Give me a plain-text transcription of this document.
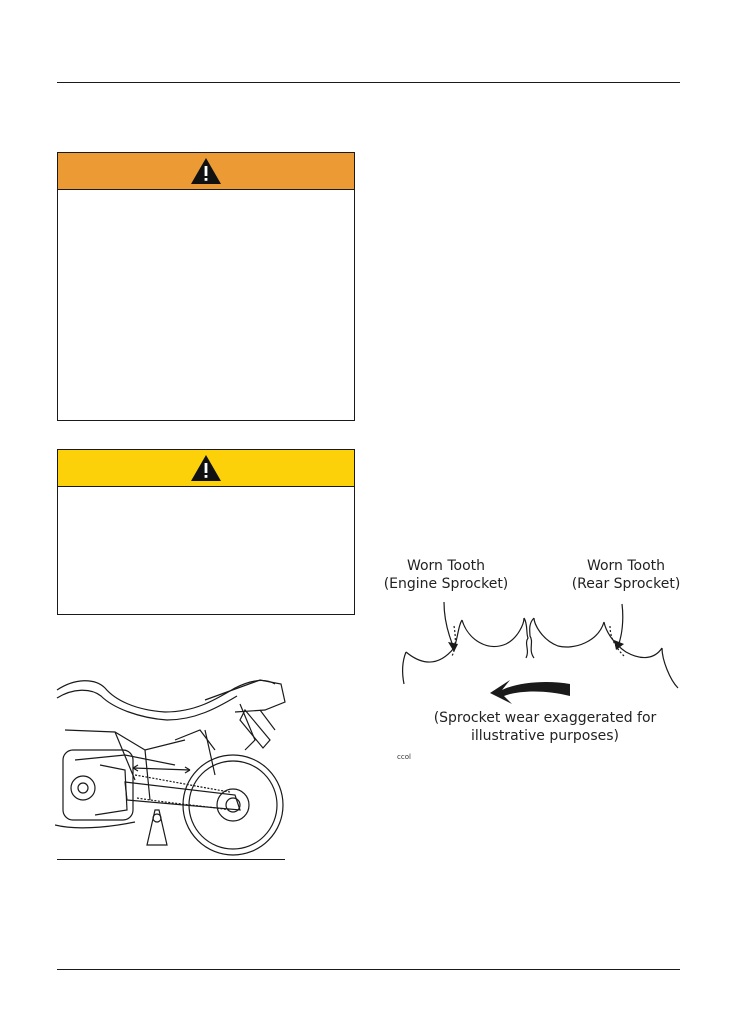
Worn Tooth
(Engine Sprocket)
Worn Tooth
(Rear Sprocket)
(Sprocket wear exaggerated for
illustrative purposes)
ccol
